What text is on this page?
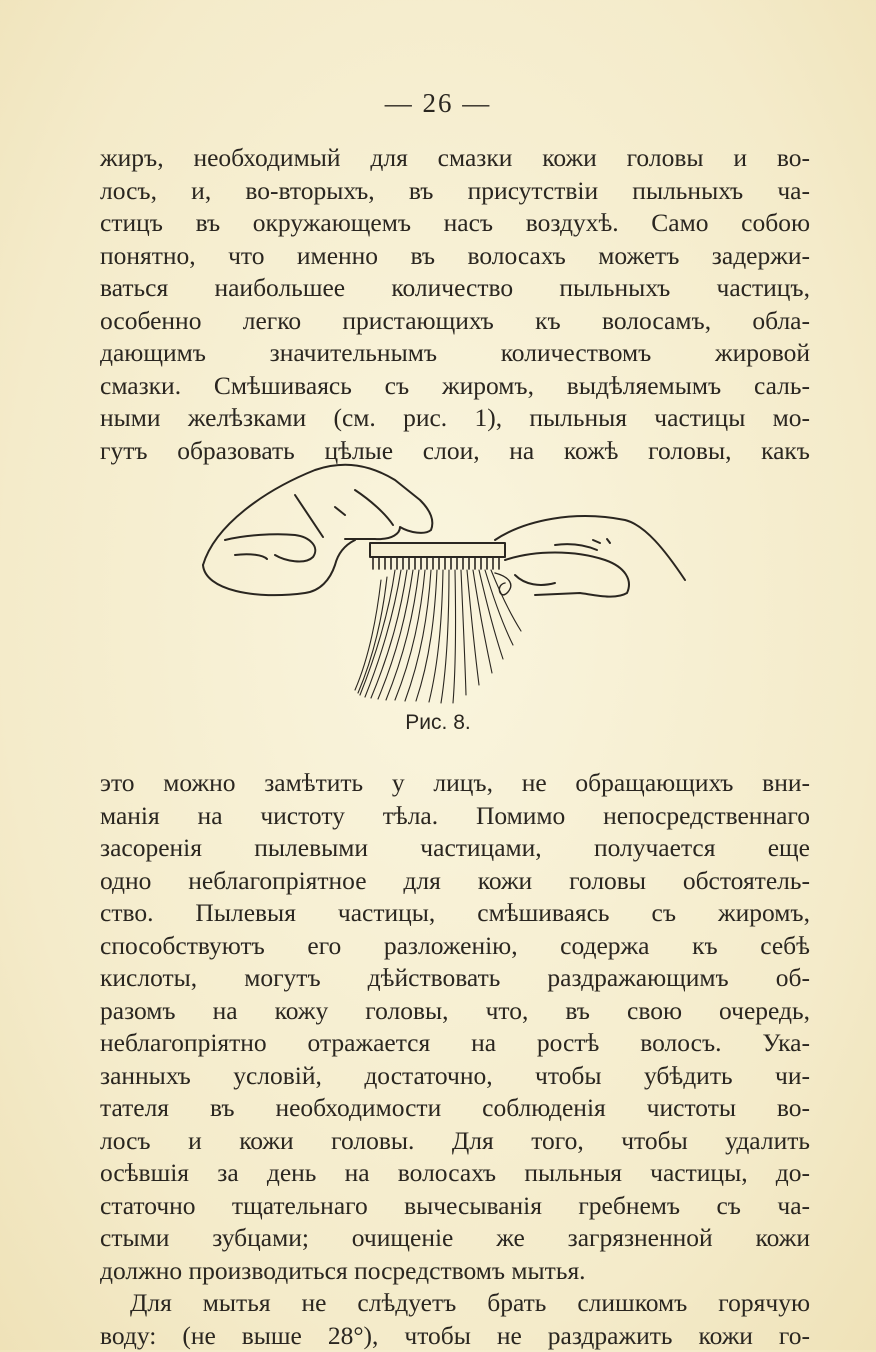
— 26 —
жиръ, необходимый для смазки кожи головы и во-
лосъ, и, во-вторыхъ, въ присутствіи пыльныхъ ча-
стицъ въ окружающемъ насъ воздухѣ. Само собою
понятно, что именно въ волосахъ можетъ задержи-
ваться наибольшее количество пыльныхъ частицъ,
особенно легко пристающихъ къ волосамъ, обла-
дающимъ значительнымъ количествомъ жировой
смазки. Смѣшиваясь съ жиромъ, выдѣляемымъ саль-
ными желѣзками (см. рис. 1), пыльныя частицы мо-
гутъ образовать цѣлые слои, на кожѣ головы, какъ
Рис. 8.
это можно замѣтить у лицъ, не обращающихъ вни-
манія на чистоту тѣла. Помимо непосредственнаго
засоренія пылевыми частицами, получается еще
одно неблагопріятное для кожи головы обстоятель-
ство. Пылевыя частицы, смѣшиваясь съ жиромъ,
способствуютъ его разложенію, содержа къ себѣ
кислоты, могутъ дѣйствовать раздражающимъ об-
разомъ на кожу головы, что, въ свою очередь,
неблагопріятно отражается на ростѣ волосъ. Ука-
занныхъ условій, достаточно, чтобы убѣдить чи-
тателя въ необходимости соблюденія чистоты во-
лосъ и кожи головы. Для того, чтобы удалить
осѣвшія за день на волосахъ пыльныя частицы, до-
статочно тщательнаго вычесыванія гребнемъ съ ча-
стыми зубцами; очищеніе же загрязненной кожи
должно производиться посредствомъ мытья.
Для мытья не слѣдуетъ брать слишкомъ горячую
воду: (не выше 28°), чтобы не раздражить кожи го-
